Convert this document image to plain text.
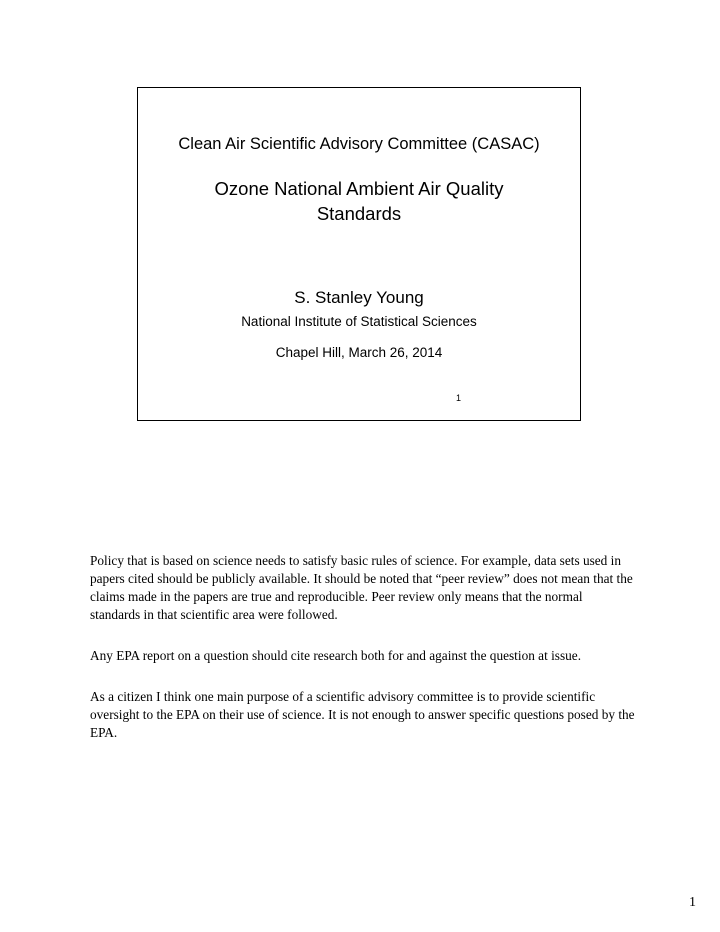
Clean Air Scientific Advisory Committee (CASAC)
Ozone National Ambient Air Quality
Standards
S. Stanley Young
National Institute of Statistical Sciences
Chapel Hill, March 26, 2014
1

Policy that is based on science needs to satisfy basic rules of science. For example, data sets used in papers cited should be publicly available. It should be noted that “peer review” does not mean that the claims made in the papers are true and reproducible. Peer review only means that the normal standards in that scientific area were followed.

Any EPA report on a question should cite research both for and against the question at issue.

As a citizen I think one main purpose of a scientific advisory committee is to provide scientific oversight to the EPA on their use of science. It is not enough to answer specific questions posed by the EPA.

1
